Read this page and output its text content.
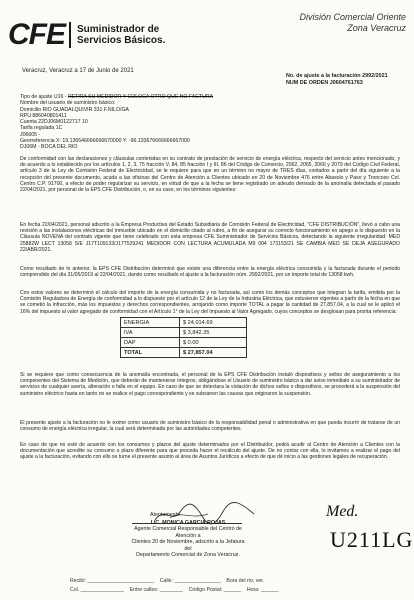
CFE Suministrador de
Servicios Básicos.
División Comercial Oriente
Zona Veracruz
Veracruz, Veracruz a 17 de Junio de 2021
No. de ajuste a la facturación 2992/2021
NUM DE ORDEN J0604761763
Tipo de ajuste U16 - RETIRA SU MEDIDOR Y COLOCA OTRO QUE NO FACTURA
Nombre del usuario de suministro básico:
Domicilio RIO GUADALQUIVIR 331 F.NILO/GA
RPU 886040801411
Cuenta 22DJ06M0122717 10
Tarifa regulada 1C
J06605 -
Georreferencia X: 19.136546666666670000 Y: -96.133676666666667000
DJ06M - BOCA DEL RIO
De conformidad con las declaraciones y cláusulas contenidas en su contrato de prestación de servicio de energía eléctrica, respecto del servicio antes mencionado, y de acuerdo a lo establecido por los artículos 1, 2, 3, 75 fracción V, 84, 85 fracción I y III, 86 del Código de Comercio, 2062, 2065, 2066 y 2079 del Código Civil Federal, artículo 3 de la Ley de Comisión Federal de Electricidad, se le requiere para que en un término no mayor de TRES días, contados a partir del día siguiente a la recepción del presente documento, acuda a las oficinas del Centro de Atención a Clientes ubicado en 20 de Noviembre 476 entre Abasolo y Paso y Troncoso Col. Centro C.P. 91700, a efecto de poder regularizar su servicio, en virtud de que a la fecha se tiene registrado un adeudo derivado de la anomalía detectada el pasado 22/04/2021, por personal de la EPS CFE Distribución, o, en su caso, en los términos siguientes:
En fecha 22/04/2021, personal adscrito a la Empresa Productiva del Estado Subsidiaria de Comisión Federal de Electricidad, "CFE DISTRIBUCIÓN", llevó a cabo una revisión a las instalaciones eléctricas del inmueble ubicado en el domicilio citado al rubro, a fin de asegurar su correcto funcionamiento en apego a lo dispuesto en la Cláusula NOVENA del contrato vigente que tiene celebrado con esta empresa CFE Suministrador de Servicios Básicos, detectando la siguiente irregularidad: MED 25882W LECT 13058 S/E J17T109133/J17T529241 MEDIDOR CON LECTURA ACUMULADA M9 004 173153/21 SE CAMBIA MED SE DEJA ASEGURADO 22/ABR/2021.
Como resultado de lo anterior, la EPS CFE Distribución determinó que existe una diferencia entre la energía eléctrica consumida y la facturada durante el periodo comprendido del día 31/05/2019 al 22/04/2021, dando como resultado el ajuste a la facturación núm. 2992/2021, por un importe total de 13058 kwh.
Con estos valores se determinó el cálculo del importe de la energía consumida y no facturada, así como los demás conceptos que integran la tarifa, emitida por la Comisión Reguladora de Energía de conformidad a lo dispuesto por el artículo 12 de la Ley de la Industria Eléctrica, que estuvieron vigentes a partir de la fecha en que se cometió la infracción, más los impuestos y derechos correspondientes, arrojando como importe TOTAL a pagar la cantidad de 27,857.04, a la cual se le aplicó el 16% del impuesto al valor agregado de conformidad con el Artículo 1° de la Ley del Impuesto al Valor Agregado, cuyos conceptos se desglosan para pronta referencia:
ENERGIA	$ 24,014.69
IVA	$ 3,842.35
DAP	$ 0.00
TOTAL	$ 27,857.04
Si se requiere que como consecuencia de la anomalía encontrada, el personal de la EPS CFE Distribución instaló dispositivos y sellos de aseguramiento a los componentes del Sistema de Medición, que deberán de mantenerse íntegros, obligándose el Usuario de suministro básico a dar aviso inmediato a su suministrador de servicios de cualquier avería, alteración o falla en el equipo. En caso de que se detectara la violación de dichos sellos o dispositivos, se procederá a la suspensión del suministro eléctrico hasta en tanto no se realice el pago correspondiente y se subsanen las causas que originaron la suspensión.
El presente ajuste a la facturación no le exime como usuario de suministro básico de la responsabilidad penal o administrativa en que pueda incurrir de tratarse de un consumo de energía eléctrica irregular, la cual será determinada por las autoridades competentes.
En caso de que no esté de acuerdo con los consumos y plazos del ajuste determinados por el Distribuidor, podrá acudir al Centro de Atención a Clientes con la documentación que acredite su consumo o plazo diferente para que proceda hacer el recálculo del ajuste. De no contar con ella, lo invitamos a realizar el pago del ajuste a la facturación, evitando con ello se turne el presente asunto al área de Asuntos Jurídicos a efecto de que dé inicio a las gestiones legales de recuperación.
Atentamente
LIC. MONICA GARCIA ROJAS
Agente Comercial Responsable del Centro de Atención a
Clientes 20 de Noviembre, adscrito a la Jefatura del
Departamento Comercial de Zona Veracruz.
Med.
U211LG
Recibí: _______________________ Calle: ________________ Bora del rio, ver.
Col. _______________ Entre calles: ________ Código Postal: ______ Hora: ______
